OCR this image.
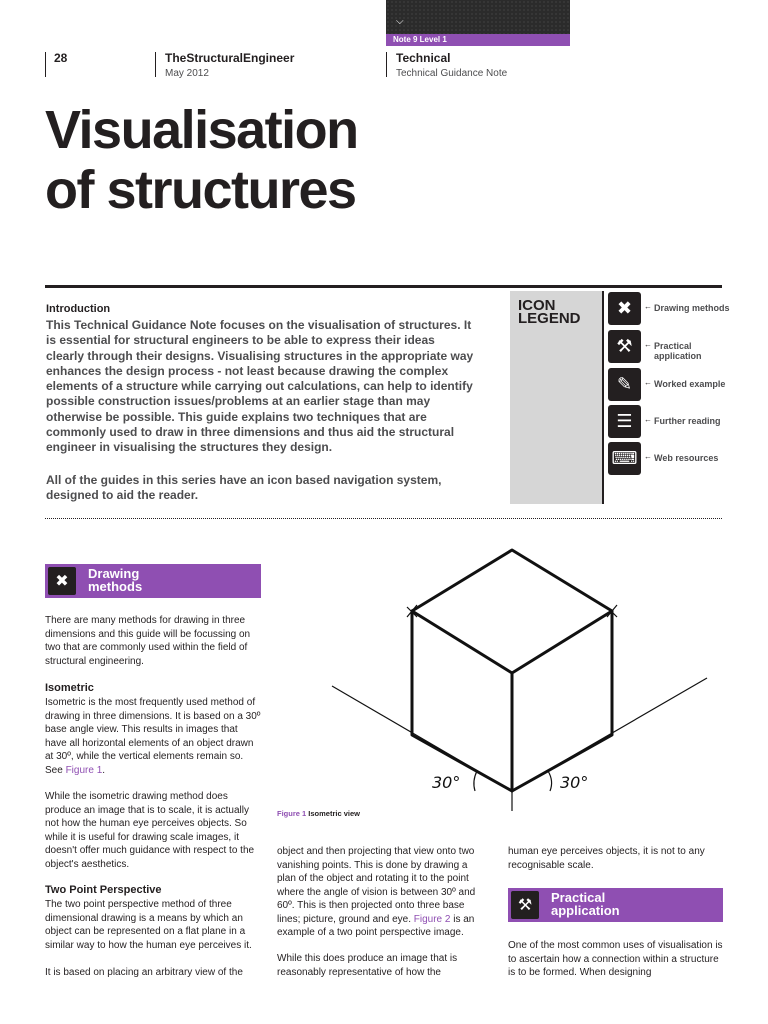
⌵
Note 9 Level 1
28	TheStructuralEngineer
May 2012
Technical
Technical Guidance Note
Visualisation
of structures
Introduction
This Technical Guidance Note focuses on the visualisation of structures. It is essential for structural engineers to be able to express their ideas clearly through their designs. Visualising structures in the appropriate way enhances the design process - not least because drawing the complex elements of a structure while carrying out calculations, can help to identify possible construction issues/problems at an earlier stage than may otherwise be possible. This guide explains two techniques that are commonly used to draw in three dimensions and thus aid the structural engineer in visualising the structures they design.
All of the guides in this series have an icon based navigation system, designed to aid the reader.
ICON
LEGEND
✖	← Drawing methods
⚒	← Practical application
✎	← Worked example
☰	← Further reading
⌨ ← Web resources
✖	Drawing
methods
There are many methods for drawing in three dimensions and this guide will be focussing on two that are commonly used within the field of structural engineering.
Isometric
Isometric is the most frequently used method of drawing in three dimensions. It is based on a 30º base angle view. This results in images that have all horizontal elements of an object drawn at 30º, while the vertical elements remain so. See Figure 1.
While the isometric drawing method does produce an image that is to scale, it is actually not how the human eye perceives objects. So while it is useful for drawing scale images, it doesn't offer much guidance with respect to the object's aesthetics.
Two Point Perspective
The two point perspective method of three dimensional drawing is a means by which an object can be represented on a flat plane in a similar way to how the human eye perceives it.
It is based on placing an arbitrary view of the
object and then projecting that view onto two vanishing points. This is done by drawing a plan of the object and rotating it to the point where the angle of vision is between 30º and 60º. This is then projected onto three base lines; picture, ground and eye. Figure 2 is an example of a two point perspective image.
While this does produce an image that is reasonably representative of how the
human eye perceives objects, it is not to any recognisable scale.
⚒	Practical
application
One of the most common uses of visualisation is to ascertain how a connection within a structure is to be formed. When designing
30°	30°
Figure 1 Isometric view
